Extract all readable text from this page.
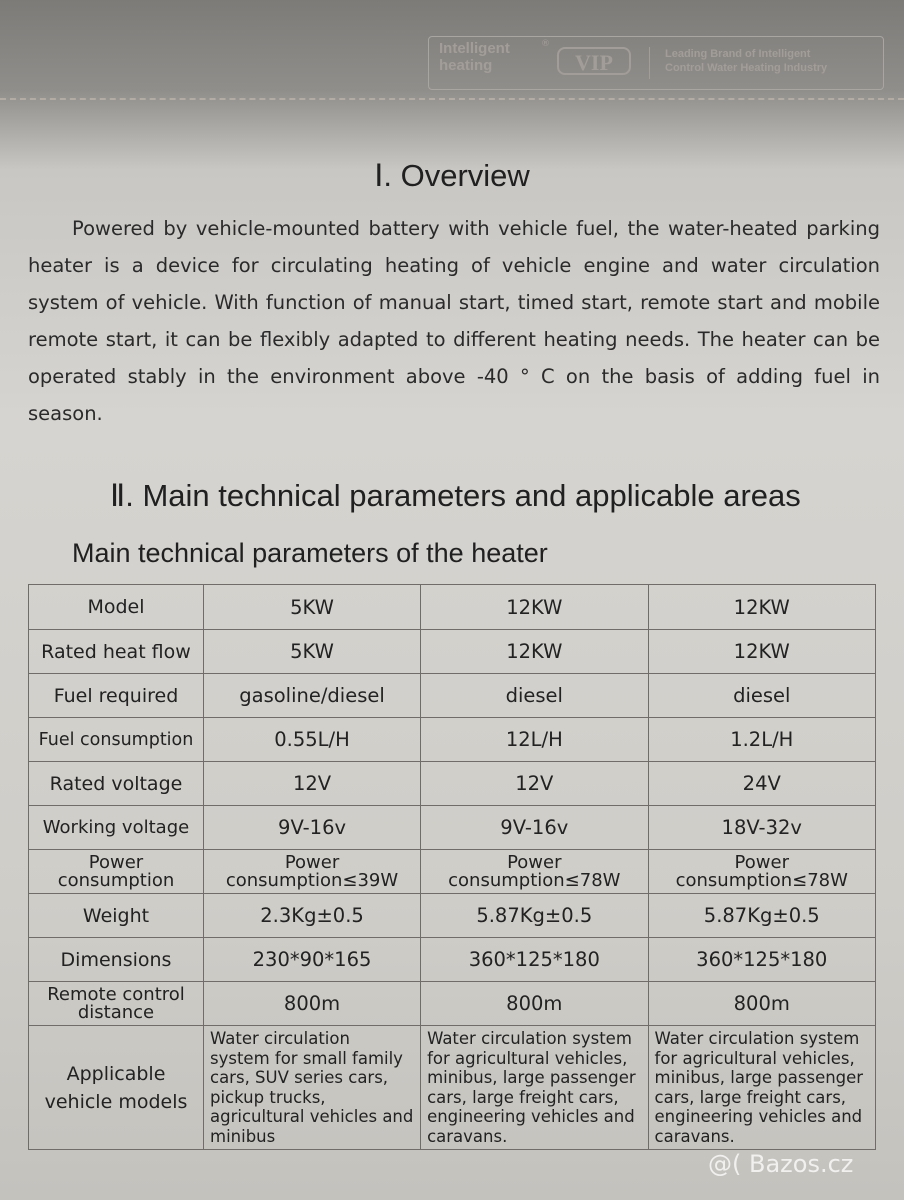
Intelligent
heating
®
VIP	Leading Brand of Intelligent
Control Water Heating Industry
Ⅰ. Overview

Powered by vehicle-mounted battery with vehicle fuel, the water-heated parking heater is a device for circulating heating of vehicle engine and water circulation system of vehicle. With function of manual start, timed start, remote start and mobile remote start, it can be flexibly adapted to different heating needs. The heater can be operated stably in the environment above -40 ° C on the basis of adding fuel in season.

Ⅱ. Main technical parameters and applicable areas
Main technical parameters of the heater
Model	5KW	12KW	12KW
Rated heat flow	5KW	12KW	12KW
Fuel required	gasoline/diesel	diesel	diesel
Fuel consumption	0.55L/H	12L/H	1.2L/H
Rated voltage	12V	12V	24V
Working voltage	9V-16v	9V-16v	18V-32v
Power consumption	Power consumption≤39W	Power consumption≤78W	Power consumption≤78W
Weight	2.3Kg±0.5	5.87Kg±0.5	5.87Kg±0.5
Dimensions	230*90*165	360*125*180	360*125*180
Remote control distance	800m	800m	800m
Applicable vehicle models	Water circulation system for small family cars, SUV series cars, pickup trucks, agricultural vehicles and minibus	Water circulation system for agricultural vehicles, minibus, large passenger cars, large freight cars, engineering vehicles and caravans.	Water circulation system for agricultural vehicles, minibus, large passenger cars, large freight cars, engineering vehicles and caravans.
@( Bazos.cz
